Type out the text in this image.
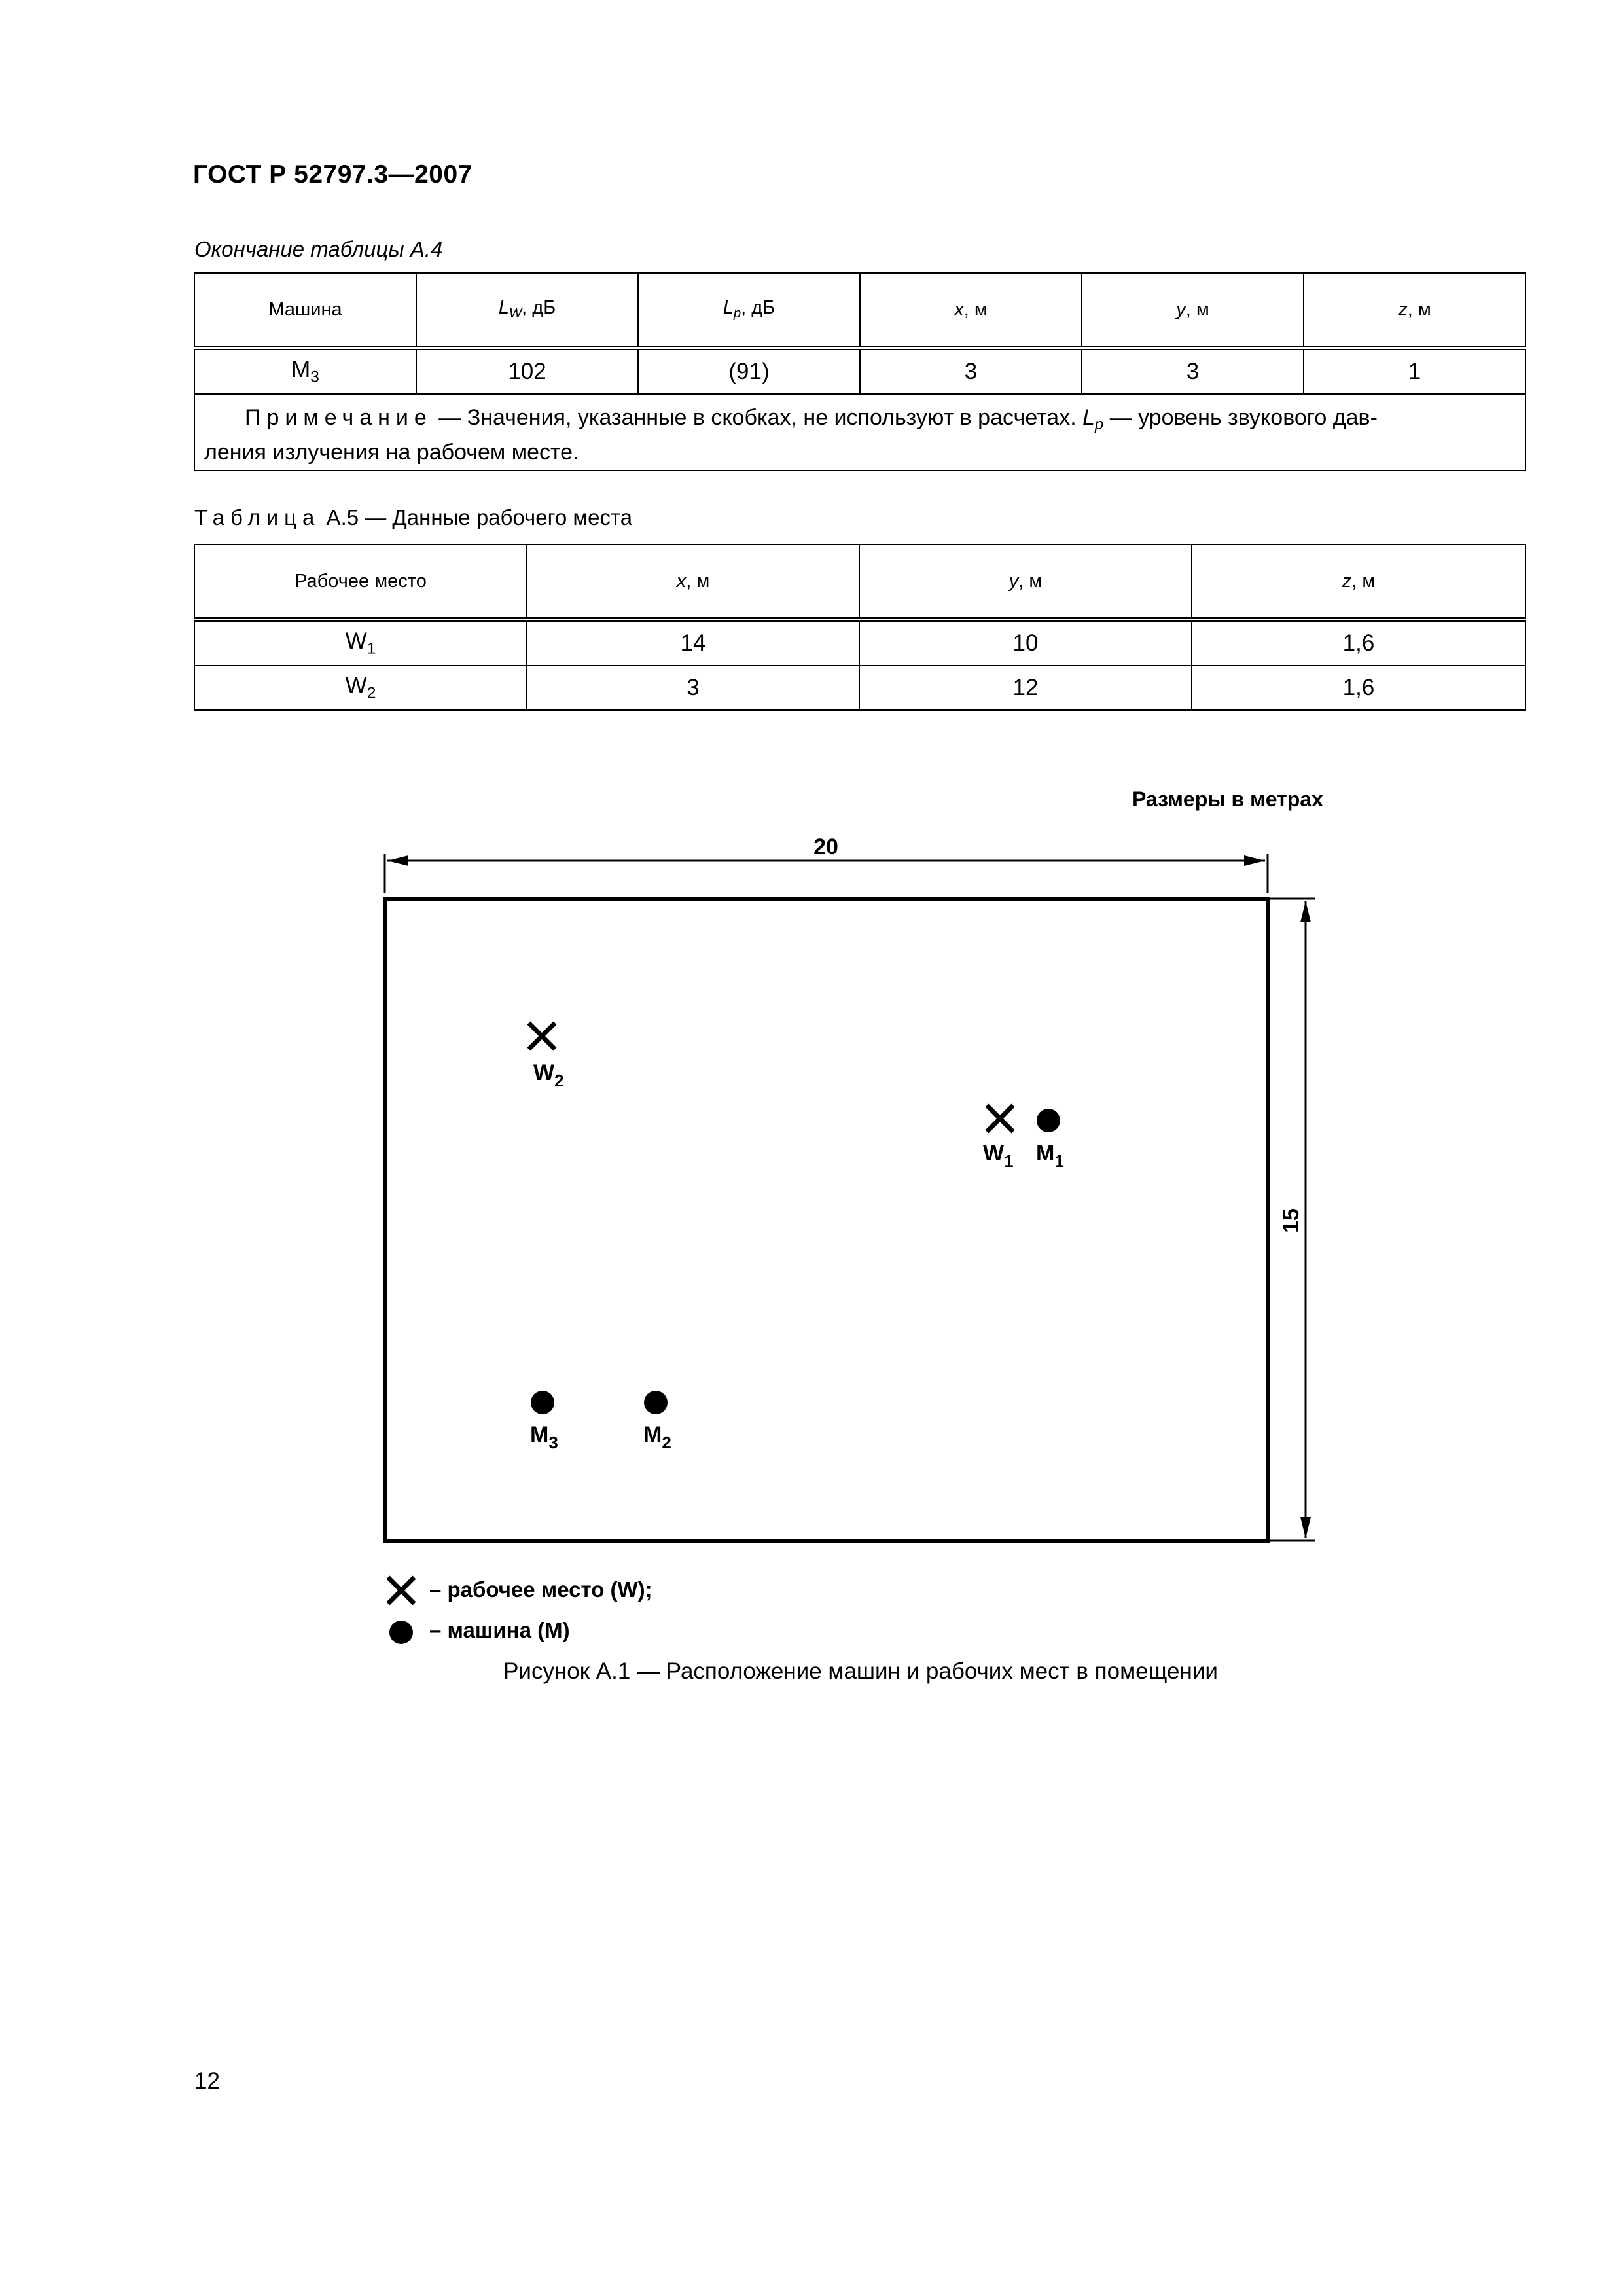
ГОСТ Р 52797.3—2007
Окончание таблицы А.4
Машина	$L_W$, дБ	$L_p$, дБ	x, м	y, м	z, м
$M_3$	102	(91)	3	3	1
Примечание — Значения, указанные в скобках, не используют в расчетах. $L_p$ — уровень звукового дав-
ления излучения на рабочем месте.					
Таблица А.5 — Данные рабочего места
Рабочее место	x, м	y, м	z, м
$W_1$	14	10	1,6
$W_2$	3	12	1,6
Размеры в метрах
20
15
$W_2$
$W_1$ $M_1$
$M_3$	$M_2$
– рабочее место (W);
– машина (M)
Рисунок А.1 — Расположение машин и рабочих мест в помещении
12
